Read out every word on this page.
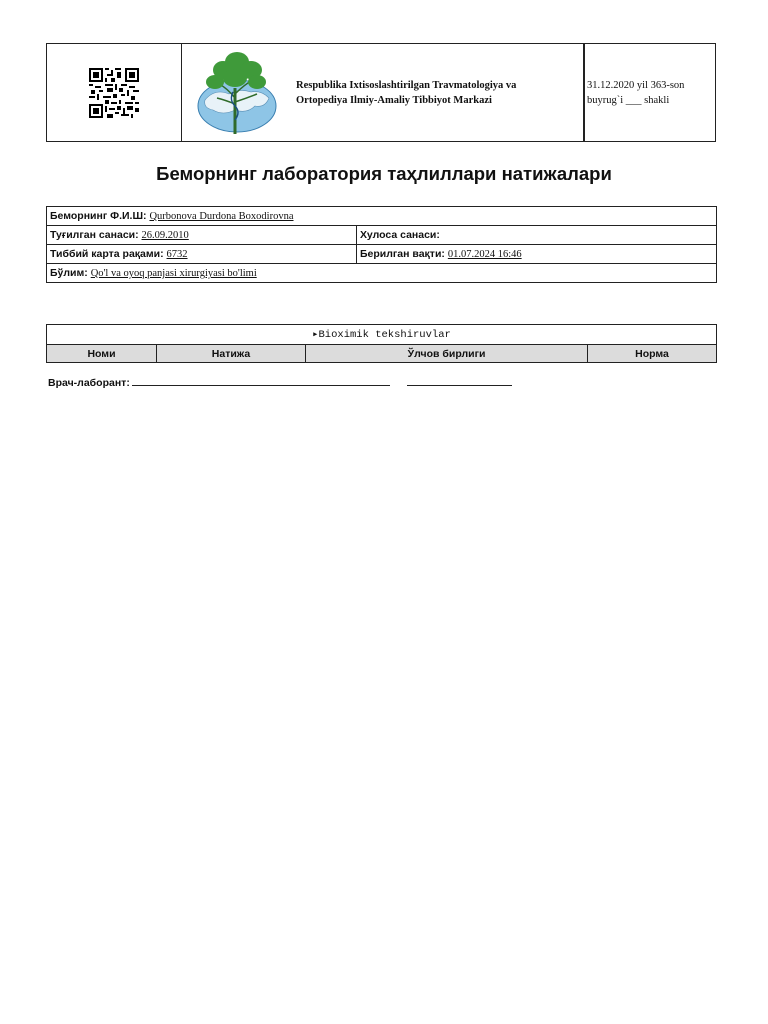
Respublika Ixtisoslashtirilgan Travmatologiya va
Ortopediya Ilmiy-Amaliy Tibbiyot Markazi
31.12.2020 yil 363-son
buyrug`i ___ shakli
Беморнинг лаборатория таҳлиллари натижалари
Беморнинг Ф.И.Ш: Qurbonova Durdona Boxodirovna	
Туғилган санаси: 26.09.2010	Хулоса санаси:
Тиббий карта рақами: 6732	Берилган вақти: 01.07.2024 16:46
Бўлим: Qo'l va oyoq panjasi xirurgiyasi bo'limi	
▸Bioximik tekshiruvlar
Номи	Натижа	Ўлчов бирлиги	Норма
Врач-лаборант:
